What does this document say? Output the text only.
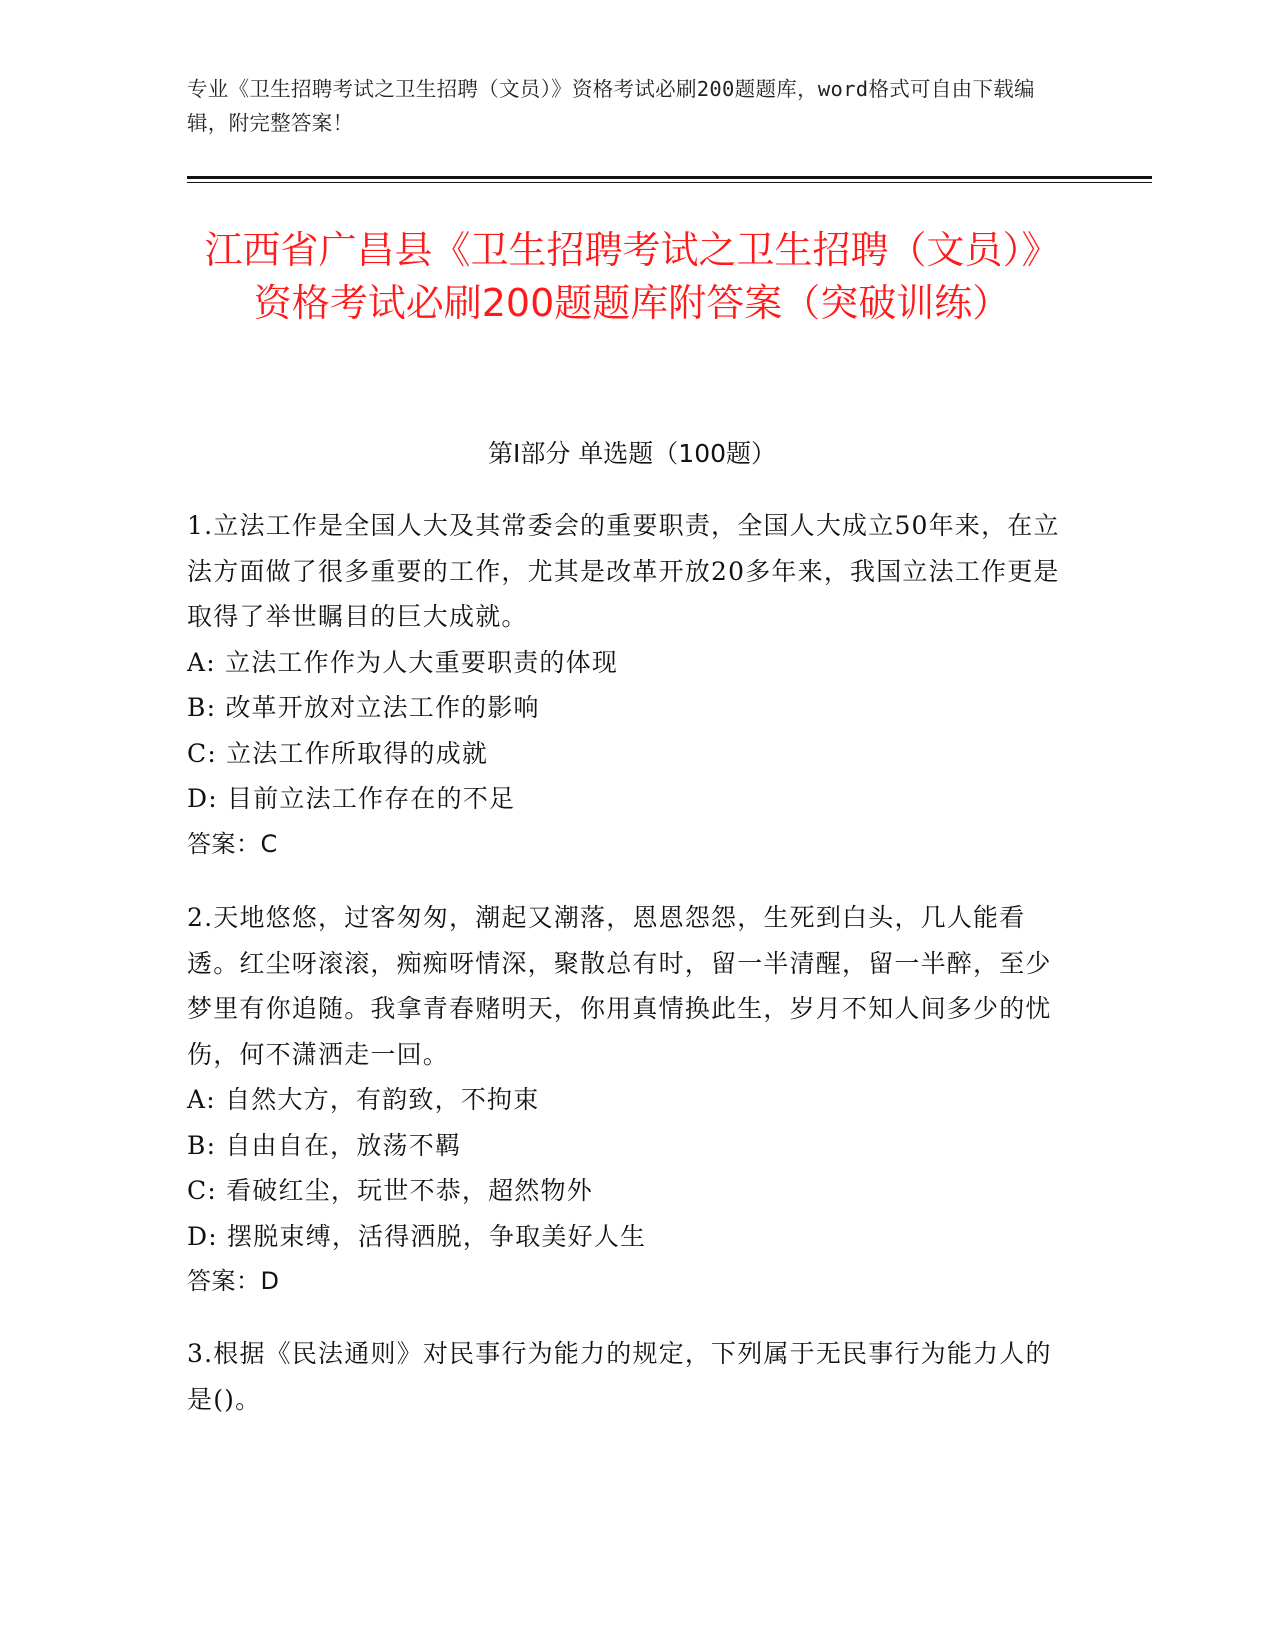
专业《卫生招聘考试之卫生招聘（文员）》资格考试必刷200题题库，word格式可自由下载编辑，附完整答案！
江西省广昌县《卫生招聘考试之卫生招聘（文员）》资格考试必刷200题题库附答案（突破训练）
第Ⅰ部分 单选题（100题）

1.立法工作是全国人大及其常委会的重要职责，全国人大成立50年来，在立法方面做了很多重要的工作，尤其是改革开放20多年来，我国立法工作更是取得了举世瞩目的巨大成就。

A: 立法工作作为人大重要职责的体现

B: 改革开放对立法工作的影响

C: 立法工作所取得的成就

D: 目前立法工作存在的不足

答案：C

2.天地悠悠，过客匆匆，潮起又潮落，恩恩怨怨，生死到白头，几人能看透。红尘呀滚滚，痴痴呀情深，聚散总有时，留一半清醒，留一半醉，至少梦里有你追随。我拿青春赌明天，你用真情换此生，岁月不知人间多少的忧伤，何不潇洒走一回。

A: 自然大方，有韵致，不拘束

B: 自由自在，放荡不羁

C: 看破红尘，玩世不恭，超然物外

D: 摆脱束缚，活得洒脱，争取美好人生

答案：D

3.根据《民法通则》对民事行为能力的规定，下列属于无民事行为能力人的是()。
